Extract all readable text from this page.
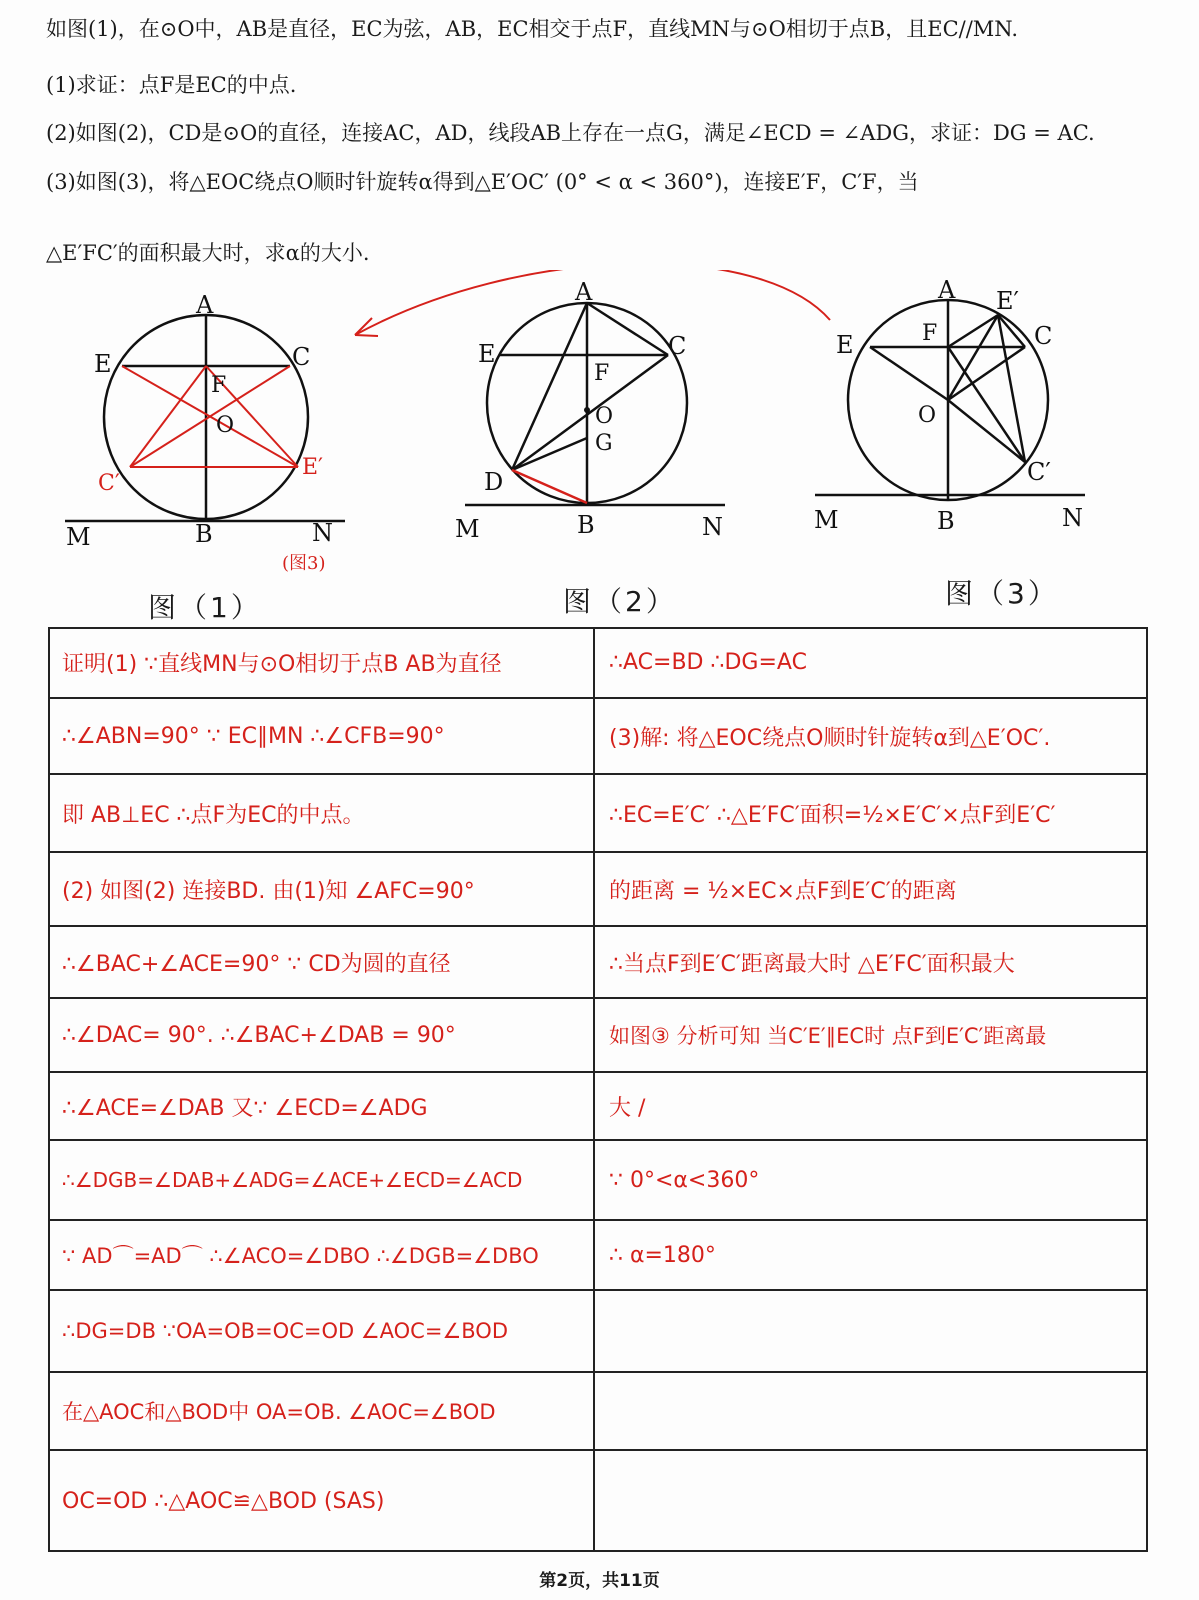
如图(1)，在⊙O中，AB是直径，EC为弦，AB，EC相交于点F，直线MN与⊙O相切于点B，且EC//MN.
(1)求证：点F是EC的中点.
(2)如图(2)，CD是⊙O的直径，连接AC，AD，线段AB上存在一点G，满足∠ECD = ∠ADG，求证：DG = AC.
(3)如图(3)，将△EOC绕点O顺时针旋转α得到△E′OC′ (0° < α < 360°)，连接E′F，C′F，当
△E′FC′的面积最大时，求α的大小.
A
E	C
F
O
C′
E′
M	B	N
(图3)
A
E	C
F
O
G
D
M	B	N
A E′
E	F	C
O
C′
M	B	N
图（1）	图（2）	图（3）
证明(1) ∵直线MN与⊙O相切于点B AB为直径	∴AC=BD ∴DG=AC
∴∠ABN=90° ∵ EC∥MN ∴∠CFB=90°	(3)解: 将△EOC绕点O顺时针旋转α到△E′OC′.
即 AB⊥EC ∴点F为EC的中点。	∴EC=E′C′ ∴△E′FC′面积=½×E′C′×点F到E′C′
(2) 如图(2) 连接BD. 由(1)知 ∠AFC=90°	的距离 = ½×EC×点F到E′C′的距离
∴∠BAC+∠ACE=90° ∵ CD为圆的直径	∴当点F到E′C′距离最大时 △E′FC′面积最大
∴∠DAC= 90°. ∴∠BAC+∠DAB = 90°	如图③ 分析可知 当C′E′∥EC时 点F到E′C′距离最
∴∠ACE=∠DAB 又∵ ∠ECD=∠ADG	大 /
∴∠DGB=∠DAB+∠ADG=∠ACE+∠ECD=∠ACD	∵ 0°<α<360°
∵ AD⌒=AD⌒ ∴∠ACO=∠DBO ∴∠DGB=∠DBO	∴ α=180°
∴DG=DB ∵OA=OB=OC=OD ∠AOC=∠BOD
在△AOC和△BOD中 OA=OB. ∠AOC=∠BOD
OC=OD ∴△AOC≌△BOD (SAS)
第2页，共11页
